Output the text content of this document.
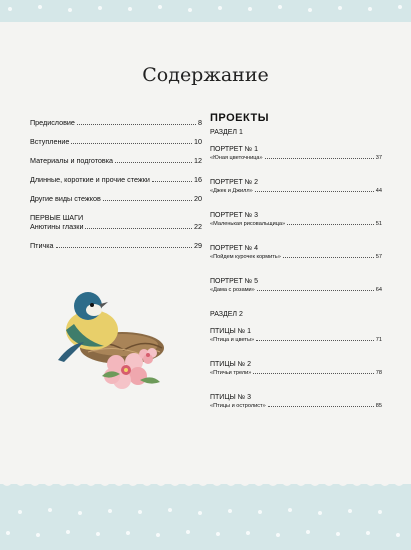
Содержание
Предисловие	8
Вступление	10
Материалы и подготовка	12
Длинные, короткие и прочие стежки	16
Другие виды стежков	20
ПЕРВЫЕ ШАГИ
Анютины глазки	22
Птичка	29
ПРОЕКТЫ
РАЗДЕЛ 1
ПОРТРЕТ № 1
«Юная цветочница»	37
ПОРТРЕТ № 2
«Джек и Джилл»	44
ПОРТРЕТ № 3
«Маленькая рисовальщица»	51
ПОРТРЕТ № 4
«Пойдем курочек кормить»	57
ПОРТРЕТ № 5
«Дама с розами»	64
РАЗДЕЛ 2
ПТИЦЫ № 1
«Птица и цветы»	71
ПТИЦЫ № 2
«Птичьи трели»	78
ПТИЦЫ № 3
«Птицы и остролист»	85
